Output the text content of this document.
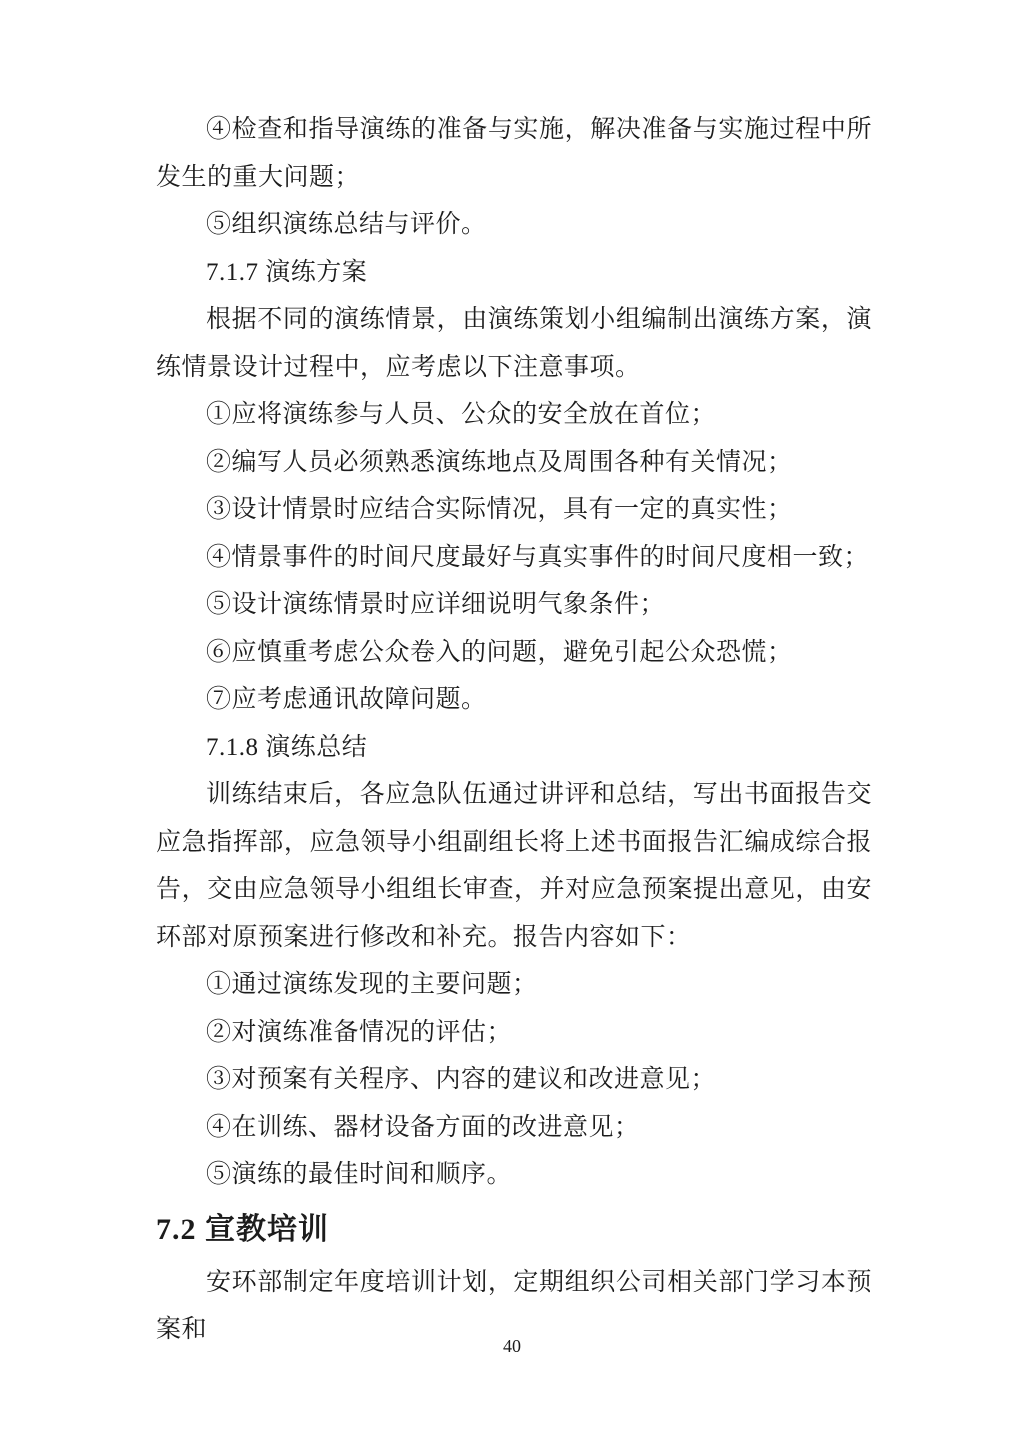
④检查和指导演练的准备与实施，解决准备与实施过程中所发生的重大问题；

⑤组织演练总结与评价。

7.1.7 演练方案

根据不同的演练情景，由演练策划小组编制出演练方案，演练情景设计过程中，应考虑以下注意事项。

①应将演练参与人员、公众的安全放在首位；

②编写人员必须熟悉演练地点及周围各种有关情况；

③设计情景时应结合实际情况，具有一定的真实性；

④情景事件的时间尺度最好与真实事件的时间尺度相一致；

⑤设计演练情景时应详细说明气象条件；

⑥应慎重考虑公众卷入的问题，避免引起公众恐慌；

⑦应考虑通讯故障问题。

7.1.8 演练总结

训练结束后，各应急队伍通过讲评和总结，写出书面报告交应急指挥部，应急领导小组副组长将上述书面报告汇编成综合报告，交由应急领导小组组长审查，并对应急预案提出意见，由安环部对原预案进行修改和补充。报告内容如下：

①通过演练发现的主要问题；

②对演练准备情况的评估；

③对预案有关程序、内容的建议和改进意见；

④在训练、器材设备方面的改进意见；

⑤演练的最佳时间和顺序。

7.2 宣教培训

安环部制定年度培训计划，定期组织公司相关部门学习本预案和

40
